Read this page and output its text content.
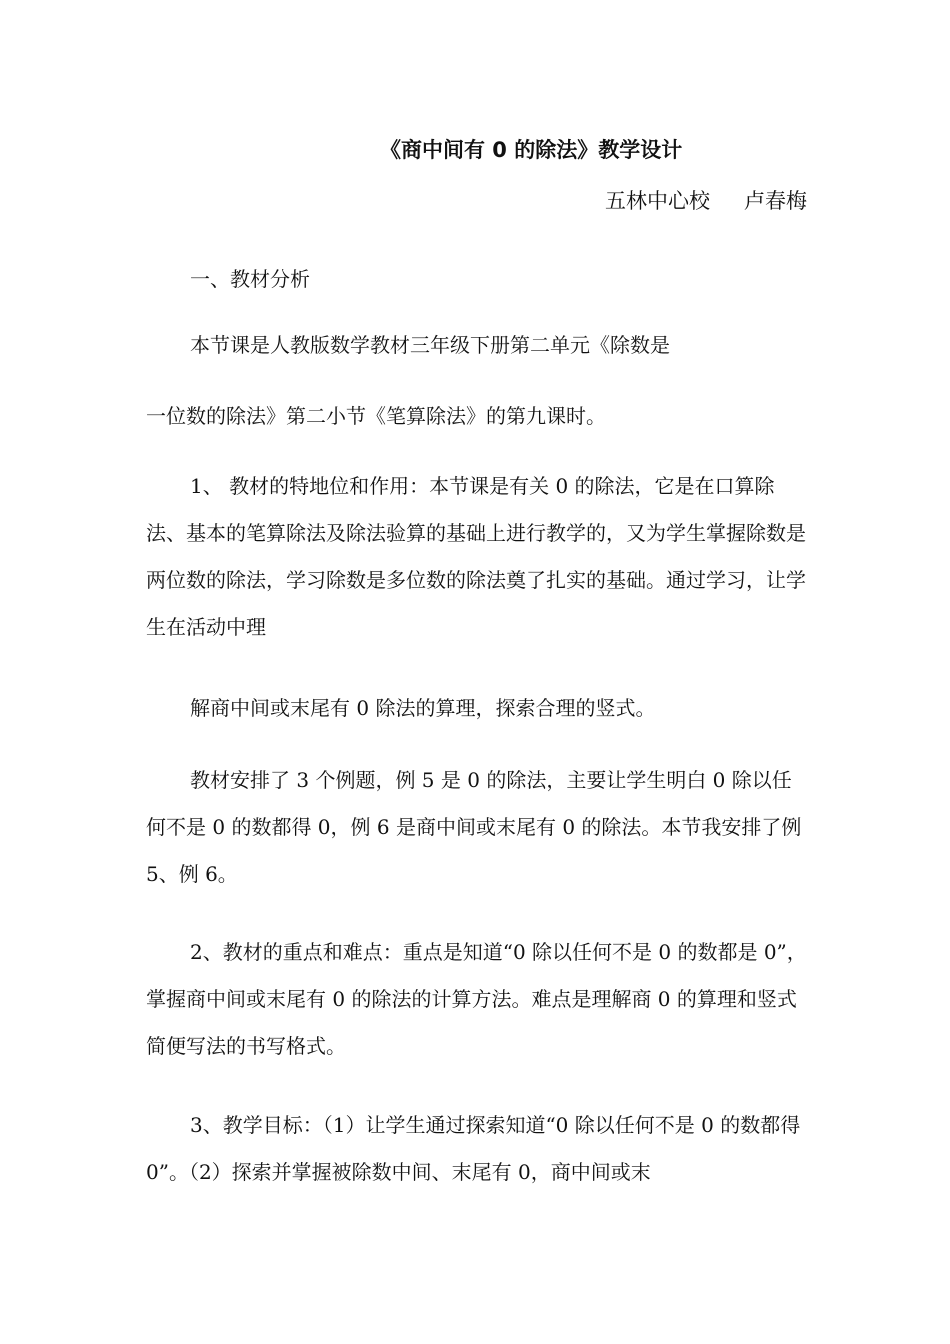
《商中间有 0 的除法》教学设计
五林中心校 卢春梅

一、教材分析

本节课是人教版数学教材三年级下册第二单元《除数是

一位数的除法》第二小节《笔算除法》的第九课时。

1、 教材的特地位和作用：本节课是有关 0 的除法，它是在口算除法、基本的笔算除法及除法验算的基础上进行教学的，又为学生掌握除数是两位数的除法，学习除数是多位数的除法奠了扎实的基础。通过学习，让学生在活动中理

解商中间或末尾有 0 除法的算理，探索合理的竖式。

教材安排了 3 个例题，例 5 是 0 的除法，主要让学生明白 0 除以任何不是 0 的数都得 0，例 6 是商中间或末尾有 0 的除法。本节我安排了例 5、例 6。

2、教材的重点和难点：重点是知道“0 除以任何不是 0 的数都是 0”，掌握商中间或末尾有 0 的除法的计算方法。难点是理解商 0 的算理和竖式简便写法的书写格式。

3、教学目标：（1）让学生通过探索知道“0 除以任何不是 0 的数都得 0”。（2）探索并掌握被除数中间、末尾有 0，商中间或末
